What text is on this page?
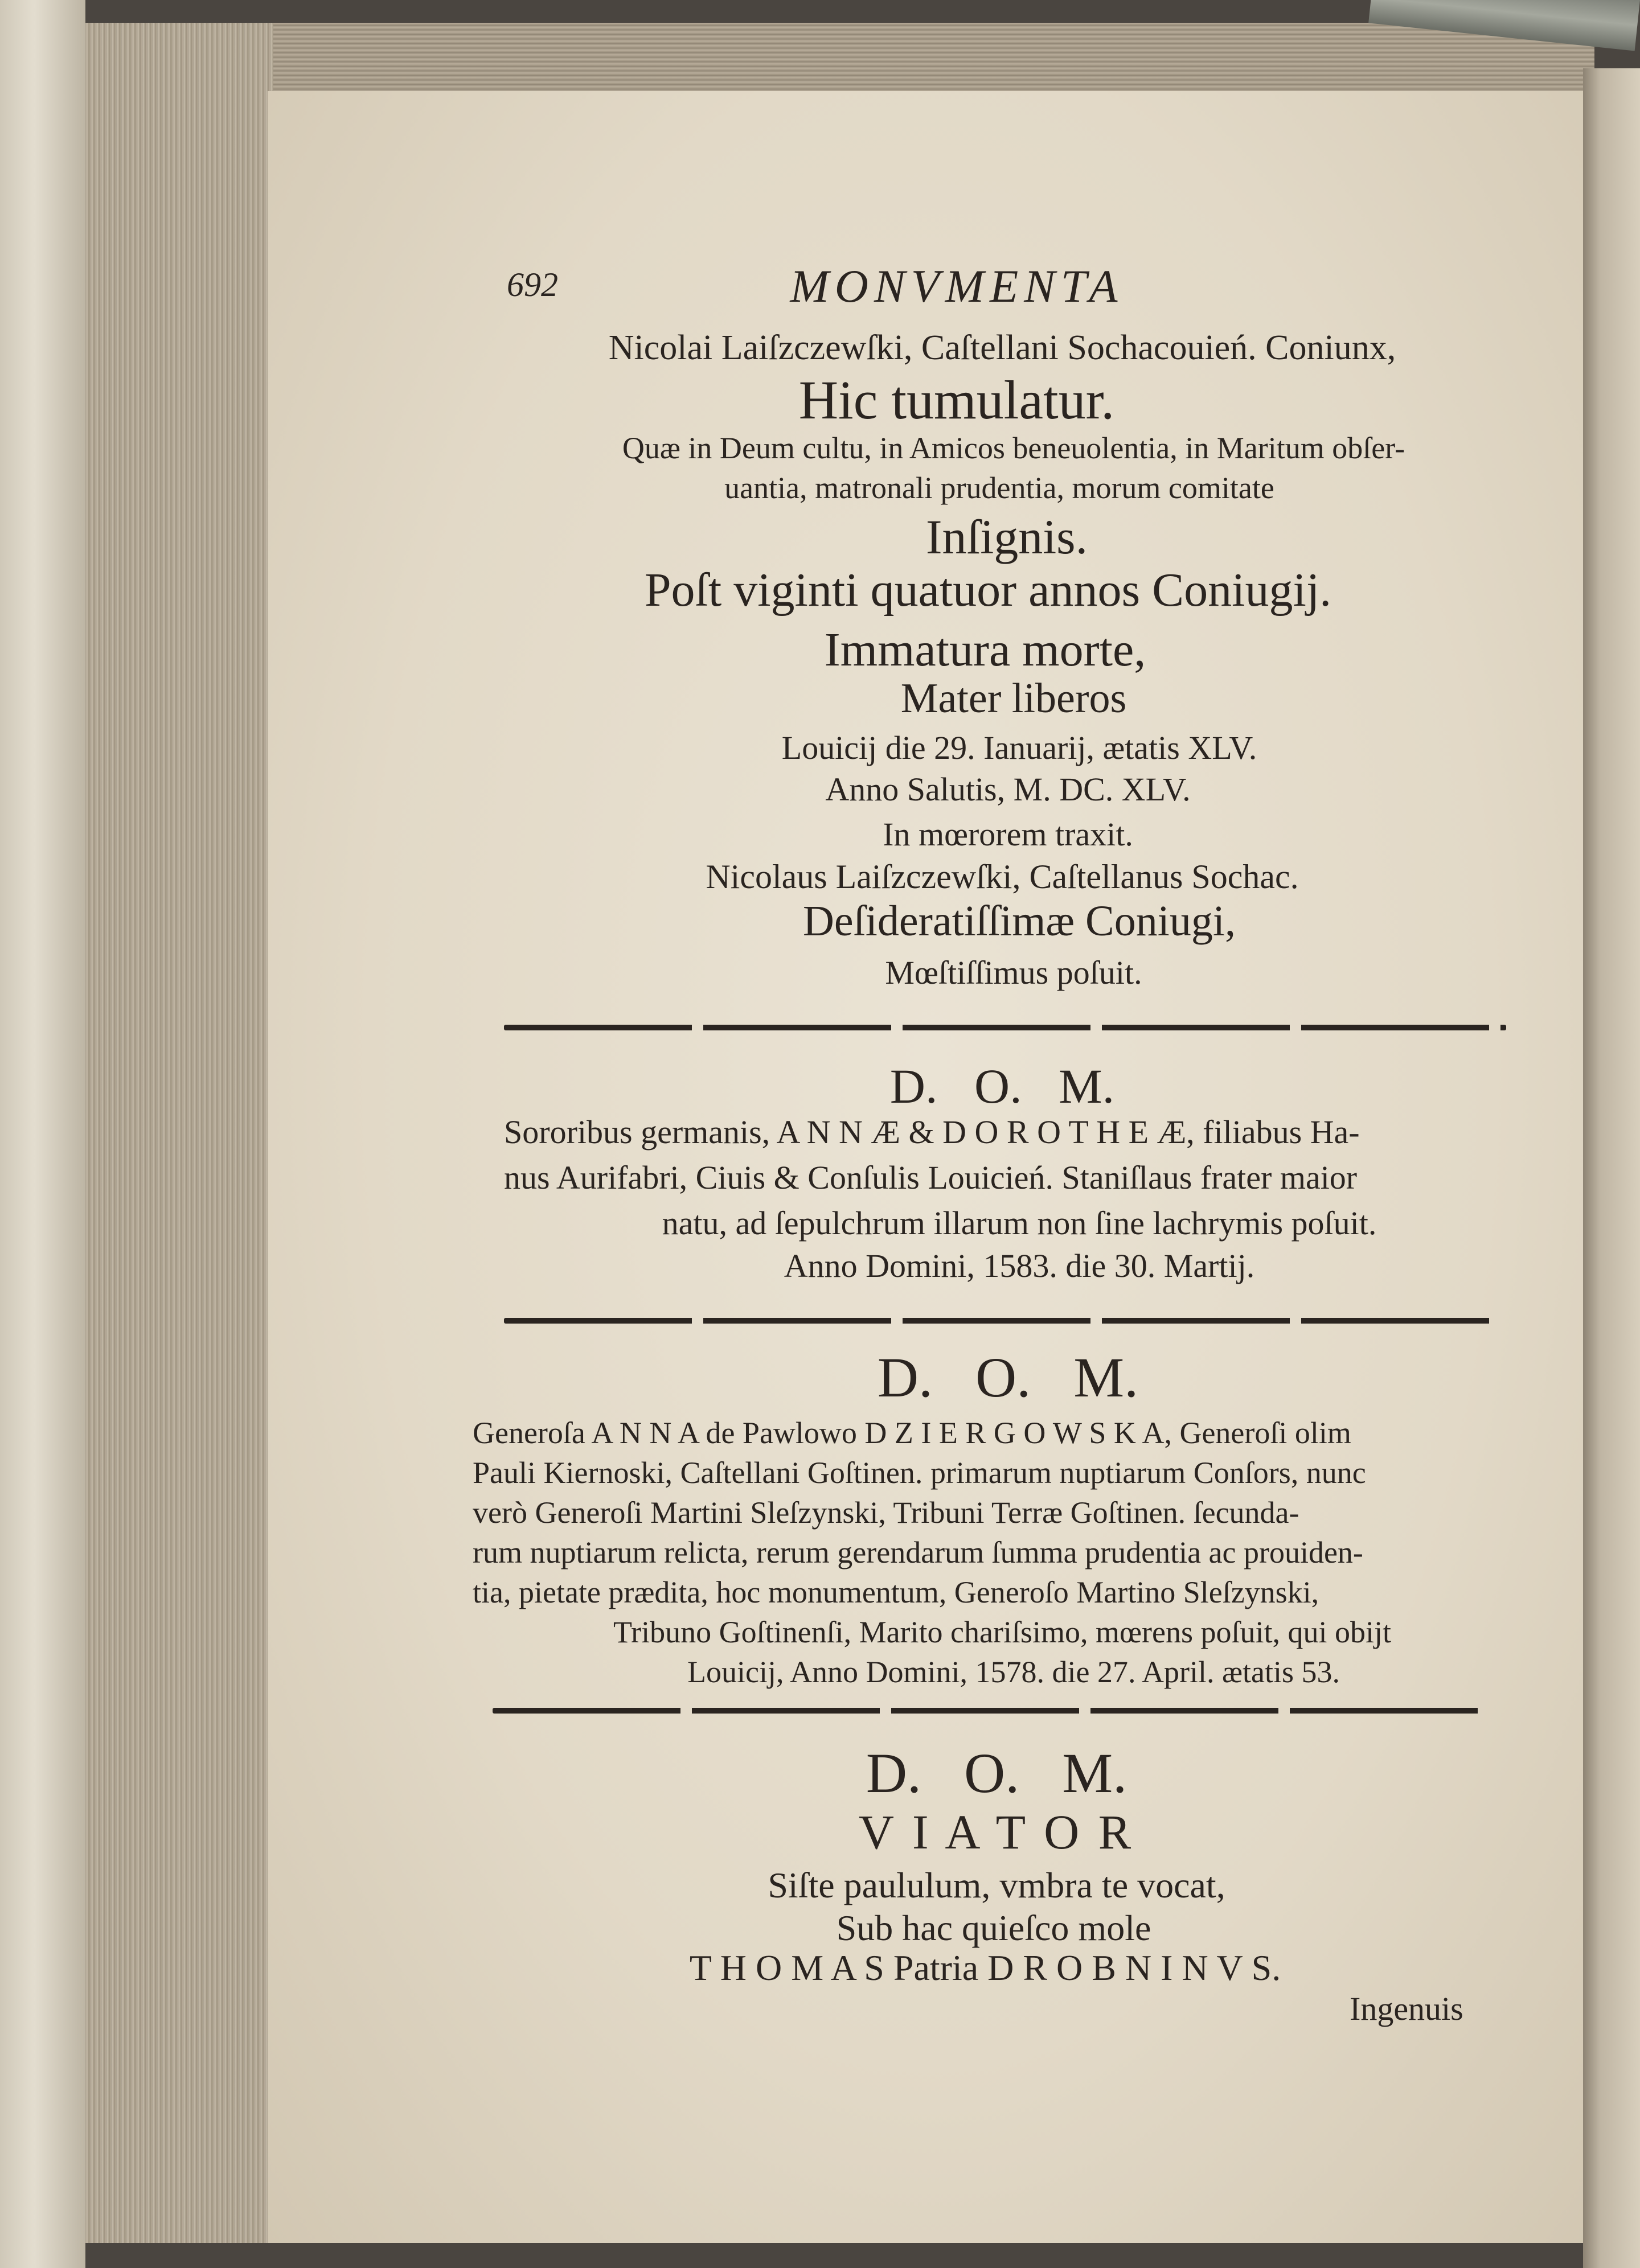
692	MONVMENTA
Nicolai Laiſzczewſki, Caſtellani Sochacouień. Coniunx,
Hic tumulatur.
Quæ in Deum cultu, in Amicos beneuolentia, in Maritum obſer-
uantia, matronali prudentia, morum comitate
Inſignis.
Poſt viginti quatuor annos Coniugij.
Immatura morte,
Mater liberos
Louicij die 29. Ianuarij, ætatis XLV.
Anno Salutis, M. DC. XLV.
In mœrorem traxit.
Nicolaus Laiſzczewſki, Caſtellanus Sochac.
Deſideratiſſimæ Coniugi,
Mœſtiſſimus poſuit.
D.   O.   M.
Sororibus germanis, A N N Æ & D O R O T H E Æ, filiabus Ha-
nus Aurifabri, Ciuis & Conſulis Louicień. Staniſlaus frater maior
natu, ad ſepulchrum illarum non ſine lachrymis poſuit.
Anno Domini, 1583. die 30. Martij.
D.   O.   M.
Generoſa A N N A de Pawlowo D Z I E R G O W S K A, Generoſi olim
Pauli Kiernoski, Caſtellani Goſtinen. primarum nuptiarum Conſors, nunc
verò Generoſi Martini Sleſzynski, Tribuni Terræ Goſtinen. ſecunda-
rum nuptiarum relicta, rerum gerendarum ſumma prudentia ac prouiden-
tia, pietate prædita, hoc monumentum, Generoſo Martino Sleſzynski,
Tribuno Goſtinenſi, Marito chariſsimo, mœrens poſuit, qui obijt
Louicij, Anno Domini, 1578. die 27. April. ætatis 53.
D.   O.   M.
V I A T O R
Siſte paululum, vmbra te vocat,
Sub hac quieſco mole
T H O M A S Patria D R O B N I N V S.
Ingenuis
